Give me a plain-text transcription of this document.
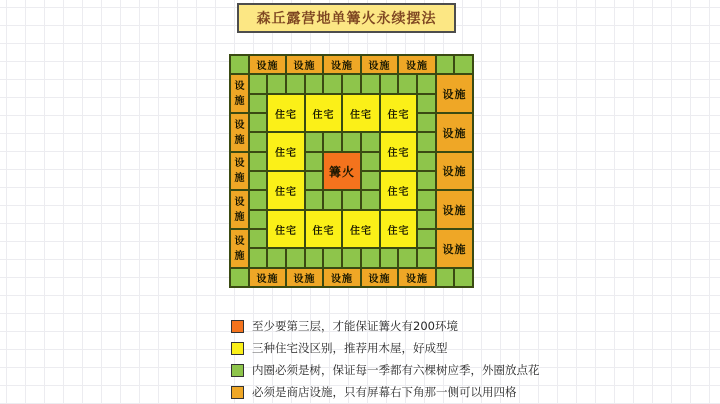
森丘露营地单篝火永续摆法
设施 设施 设施 设施 设施
设施
设施
设施
设施
设施
设施
设施
设施
设施
设施
设施 设施 设施 设施 设施
住宅 住宅 住宅 住宅
住宅	住宅
住宅	住宅
住宅 住宅 住宅 住宅
篝火
至少要第三层，才能保证篝火有200环境
三种住宅没区别，推荐用木屋，好成型
内圈必须是树，保证每一季都有六棵树应季，外圈放点花
必须是商店设施，只有屏幕右下角那一侧可以用四格
